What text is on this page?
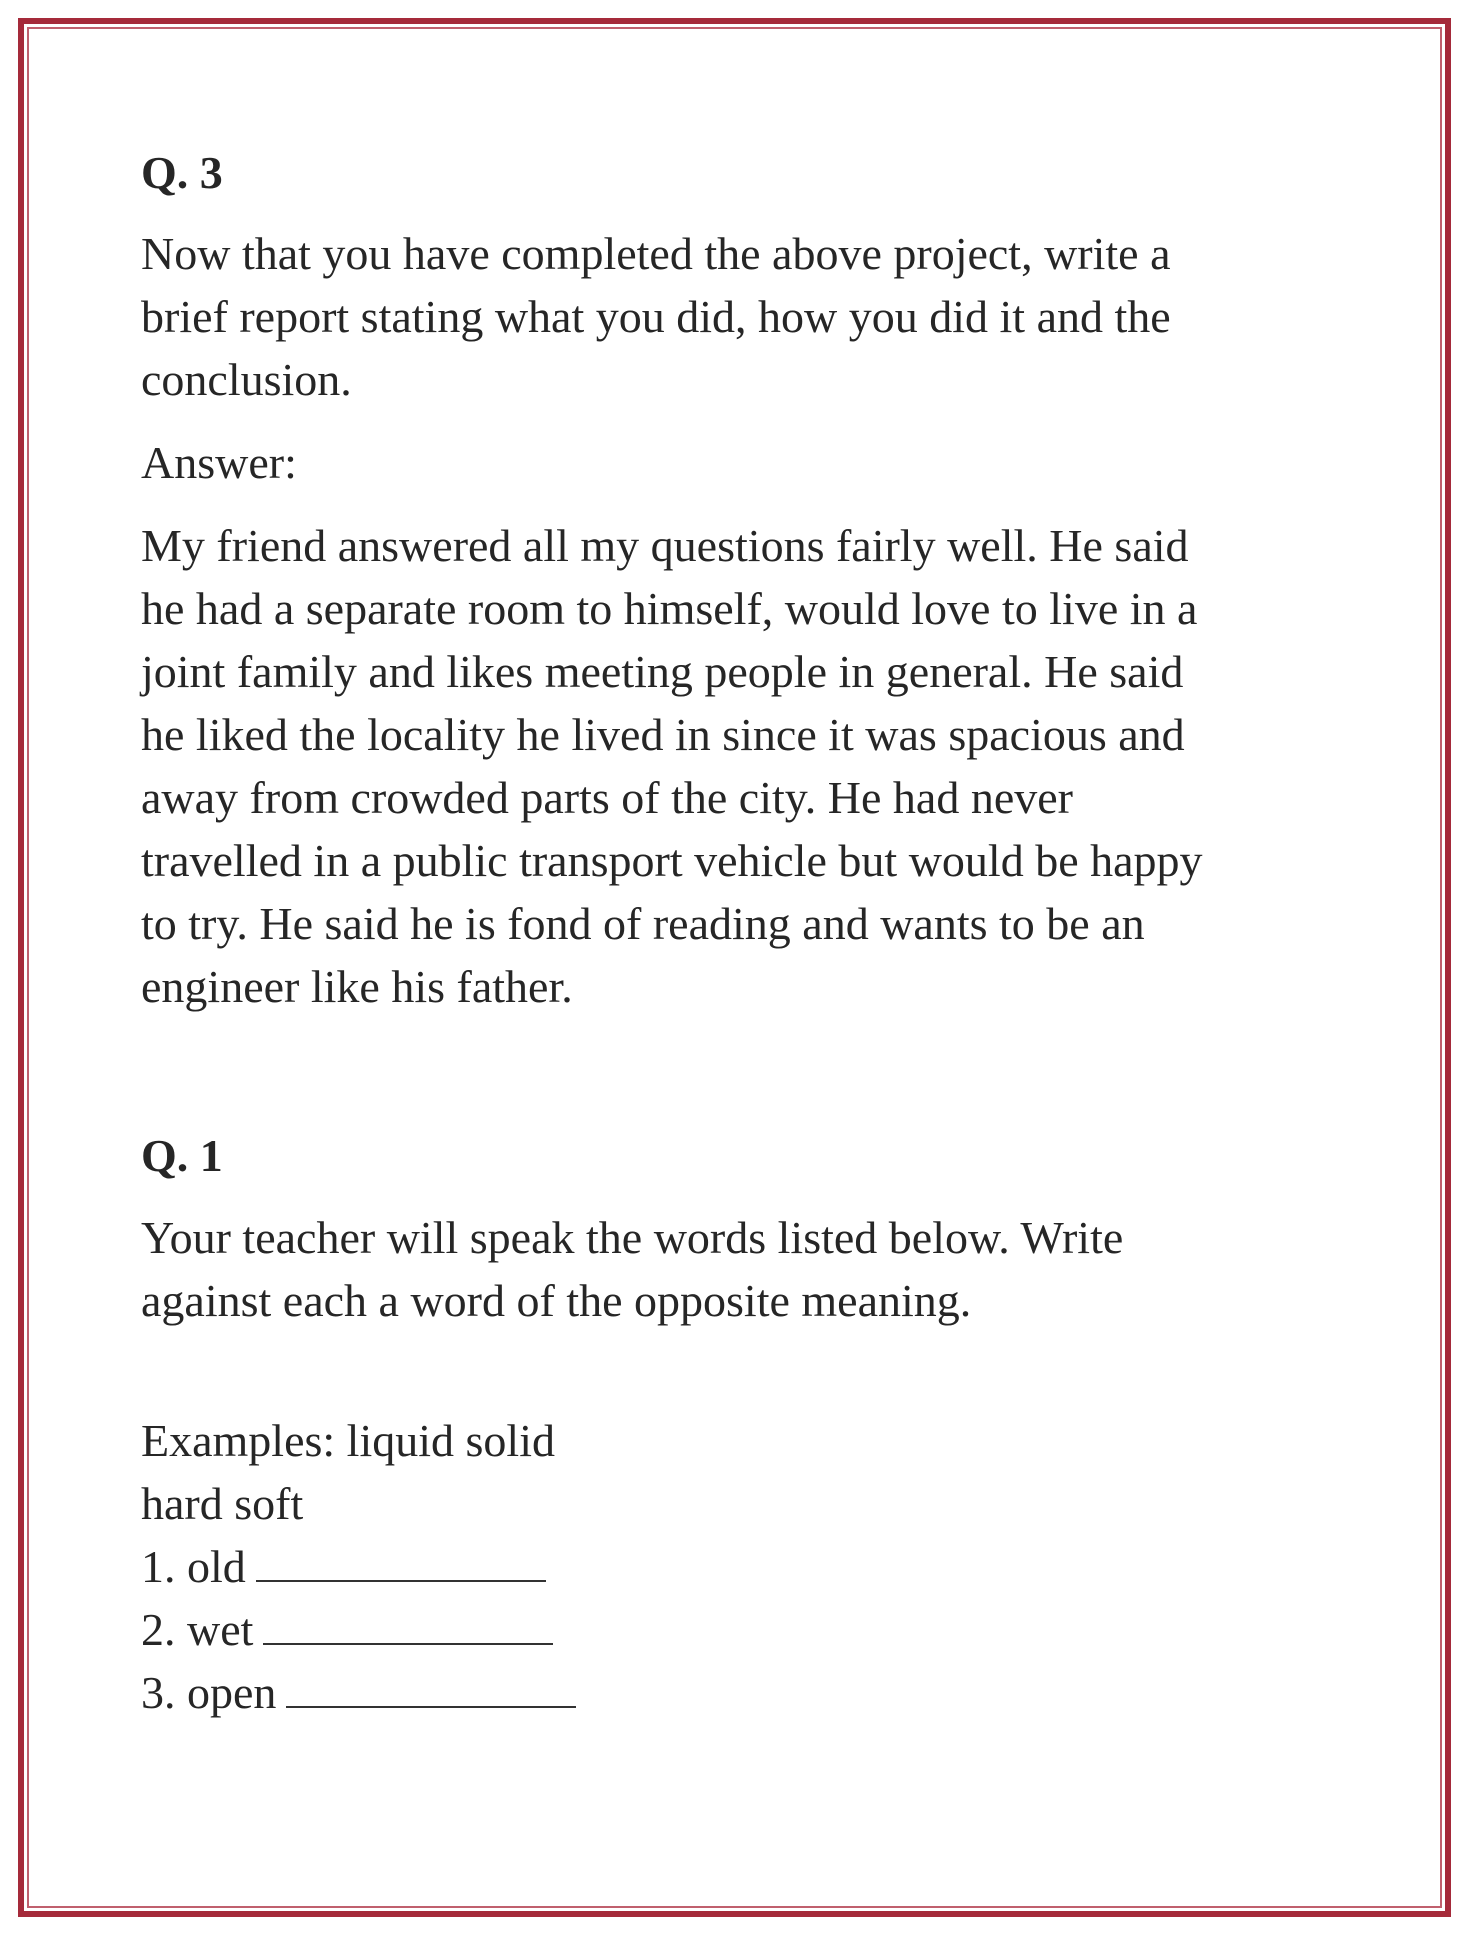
Q. 3
Now that you have completed the above project, write a
brief report stating what you did, how you did it and the
conclusion.
Answer:
My friend answered all my questions fairly well. He said
he had a separate room to himself, would love to live in a
joint family and likes meeting people in general. He said
he liked the locality he lived in since it was spacious and
away from crowded parts of the city. He had never
travelled in a public transport vehicle but would be happy
to try. He said he is fond of reading and wants to be an
engineer like his father.
Q. 1
Your teacher will speak the words listed below. Write
against each a word of the opposite meaning.
Examples: liquid solid
hard soft
1. old
2. wet
3. open
